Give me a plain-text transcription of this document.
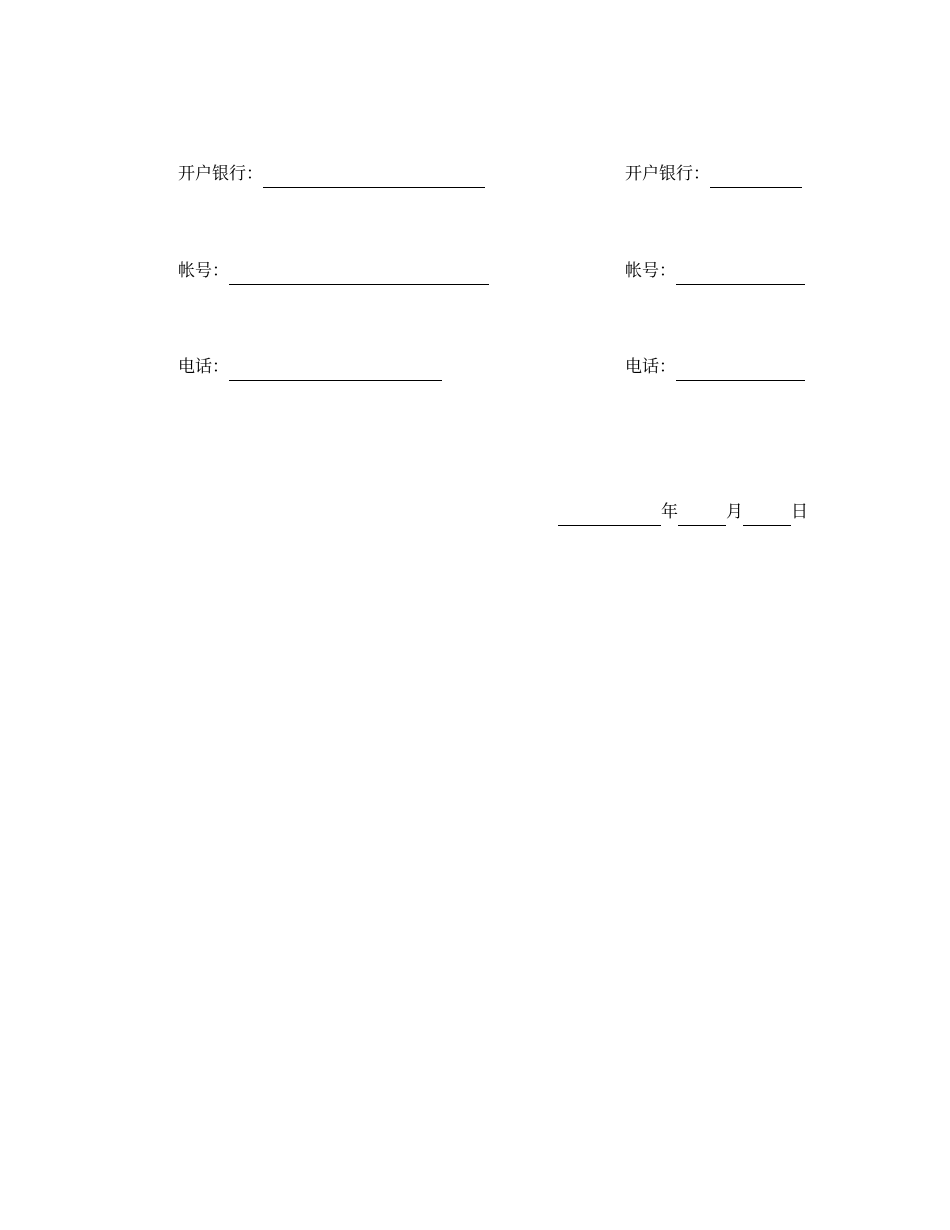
开户银行：
帐号：
电话：
开户银行：
帐号：
电话：
年	月	日
